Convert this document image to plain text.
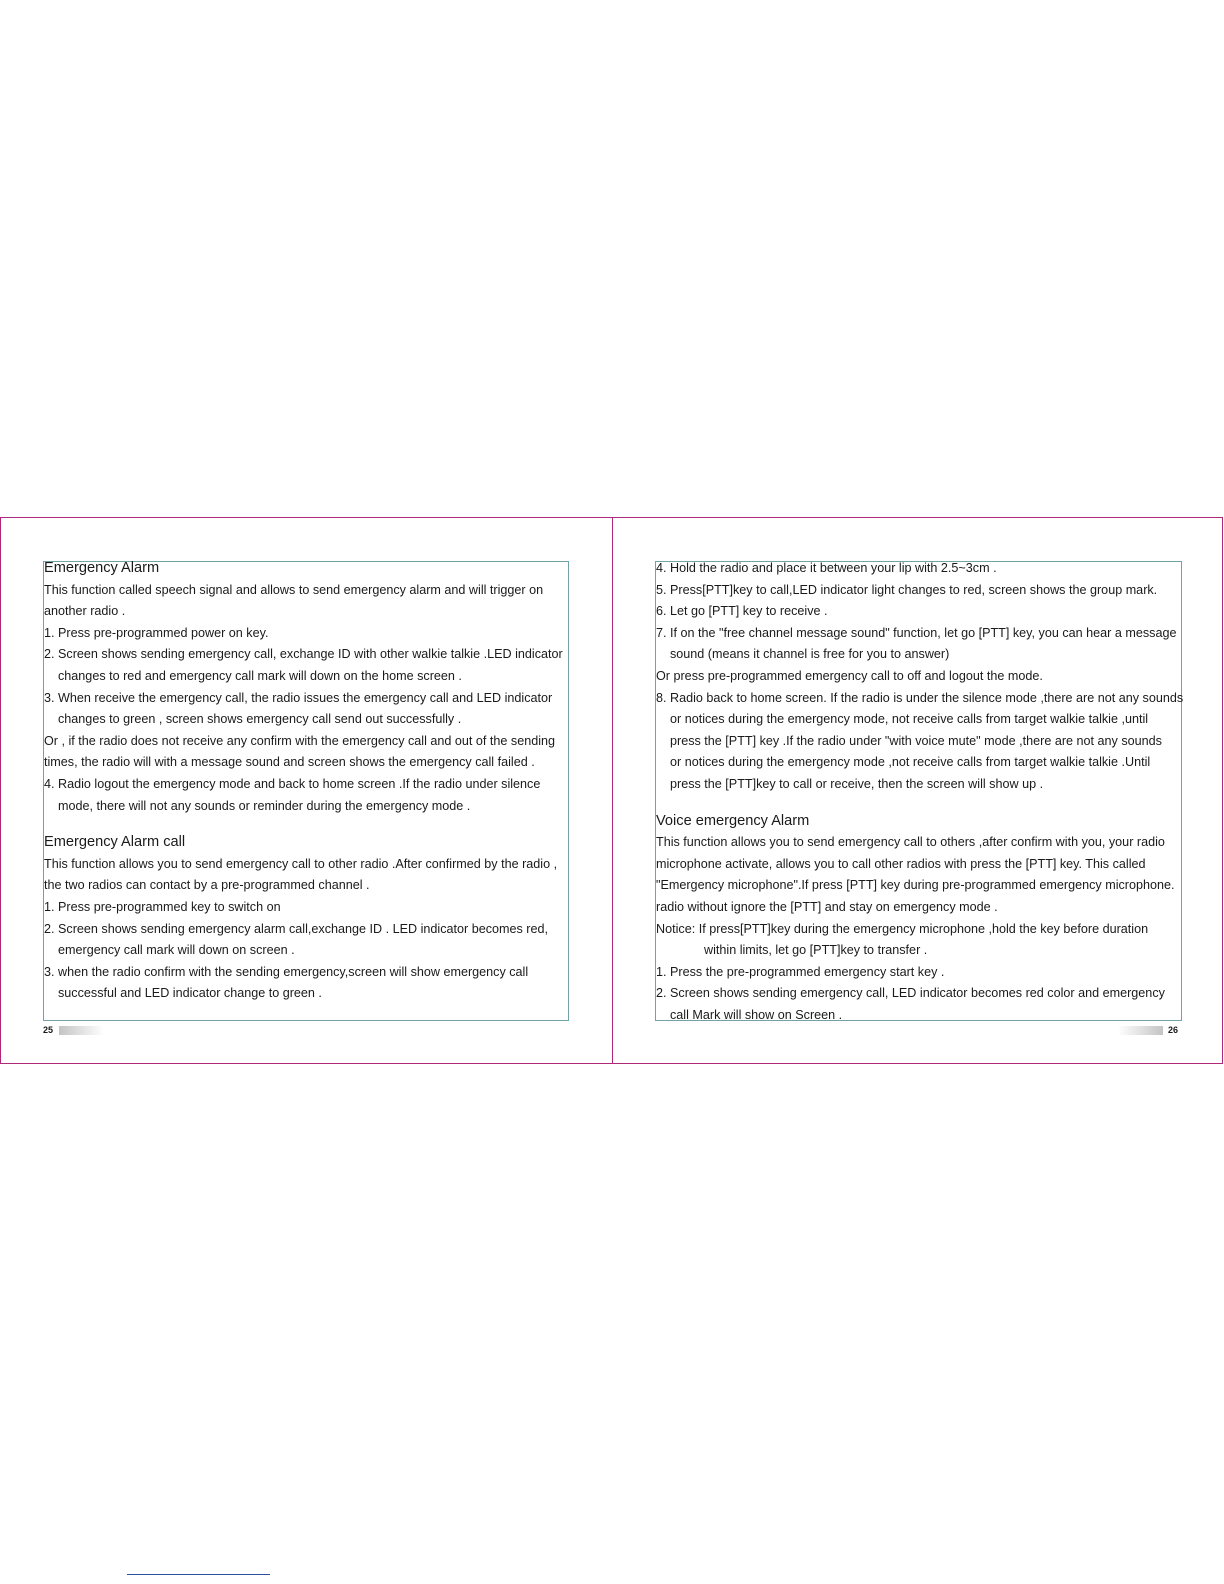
Emergency Alarm

This function called speech signal and allows to send emergency alarm and will trigger on

another radio .

1. Press pre-programmed power on key.

2. Screen shows sending emergency call, exchange ID with other walkie talkie .LED indicator

changes to red and emergency call mark will down on the home screen .

3. When receive the emergency call, the radio issues the emergency call and LED indicator

changes to green , screen shows emergency call send out successfully .

Or , if the radio does not receive any confirm with the emergency call and out of the sending

times, the radio will with a message sound and screen shows the emergency call failed .

4. Radio logout the emergency mode and back to home screen .If the radio under silence

mode, there will not any sounds or reminder during the emergency mode .

Emergency Alarm call

This function allows you to send emergency call to other radio .After confirmed by the radio ,

the two radios can contact by a pre-programmed channel .

1. Press pre-programmed key to switch on

2. Screen shows sending emergency alarm call,exchange ID . LED indicator becomes red,

emergency call mark will down on screen .

3. when the radio confirm with the sending emergency,screen will show emergency call

successful and LED indicator change to green .

4. Hold the radio and place it between your lip with 2.5~3cm .

5. Press[PTT]key to call,LED indicator light changes to red, screen shows the group mark.

6. Let go [PTT] key to receive .

7. If on the "free channel message sound" function, let go [PTT] key, you can hear a message

sound (means it channel is free for you to answer)

Or press pre-programmed emergency call to off and logout the mode.

8. Radio back to home screen. If the radio is under the silence mode ,there are not any sounds

or notices during the emergency mode, not receive calls from target walkie talkie ,until

press the [PTT] key .If the radio under "with voice mute" mode ,there are not any sounds

or notices during the emergency mode ,not receive calls from target walkie talkie .Until

press the [PTT]key to call or receive, then the screen will show up .

Voice emergency Alarm

This function allows you to send emergency call to others ,after confirm with you, your radio

microphone activate, allows you to call other radios with press the [PTT] key. This called

"Emergency microphone".If press [PTT] key during pre-programmed emergency microphone.

radio without ignore the [PTT] and stay on emergency mode .

Notice: If press[PTT]key during the emergency microphone ,hold the key before duration

within limits, let go [PTT]key to transfer .

1. Press the pre-programmed emergency start key .

2. Screen shows sending emergency call, LED indicator becomes red color and emergency

call Mark will show on Screen .

25	26
